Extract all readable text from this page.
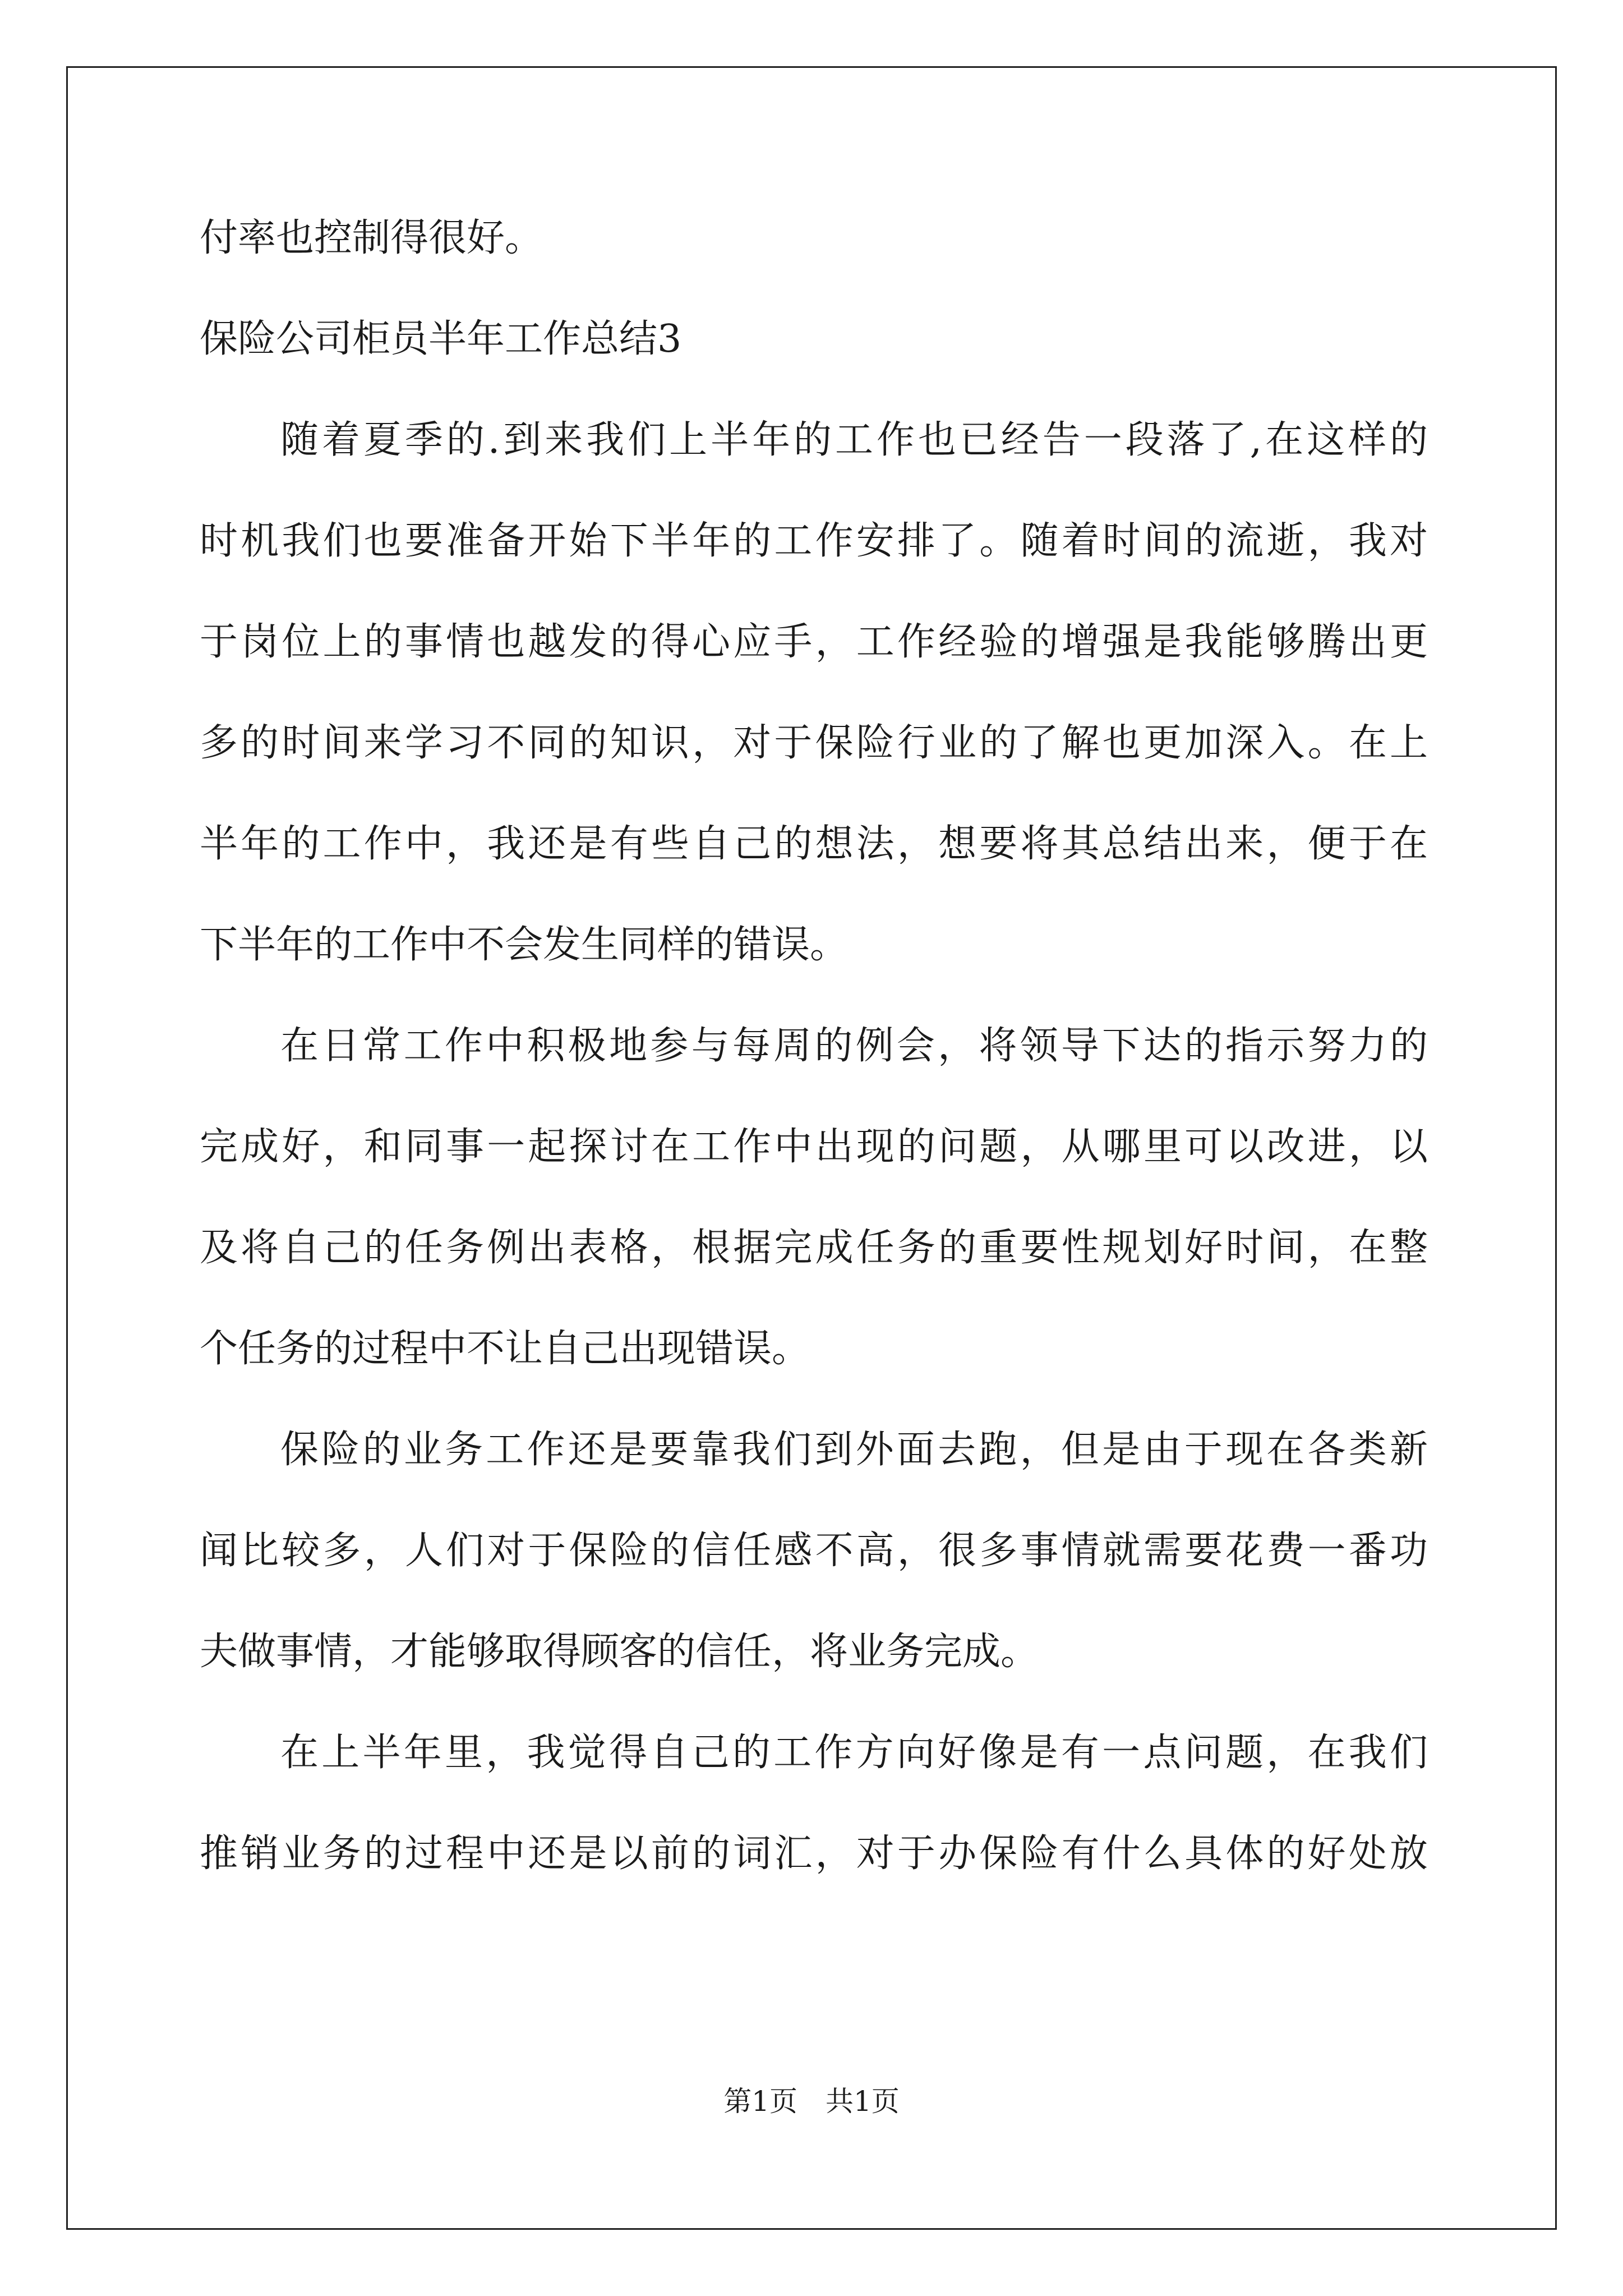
付率也控制得很好。

保险公司柜员半年工作总结3

随着夏季的.到来我们上半年的工作也已经告一段落了,在这样的

时机我们也要准备开始下半年的工作安排了。随着时间的流逝，我对

于岗位上的事情也越发的得心应手，工作经验的增强是我能够腾出更

多的时间来学习不同的知识，对于保险行业的了解也更加深入。在上

半年的工作中，我还是有些自己的想法，想要将其总结出来，便于在

下半年的工作中不会发生同样的错误。

在日常工作中积极地参与每周的例会，将领导下达的指示努力的

完成好，和同事一起探讨在工作中出现的问题，从哪里可以改进，以

及将自己的任务例出表格，根据完成任务的重要性规划好时间，在整

个任务的过程中不让自己出现错误。

保险的业务工作还是要靠我们到外面去跑，但是由于现在各类新

闻比较多，人们对于保险的信任感不高，很多事情就需要花费一番功

夫做事情，才能够取得顾客的信任，将业务完成。

在上半年里，我觉得自己的工作方向好像是有一点问题，在我们

推销业务的过程中还是以前的词汇，对于办保险有什么具体的好处放

第1页　共1页
